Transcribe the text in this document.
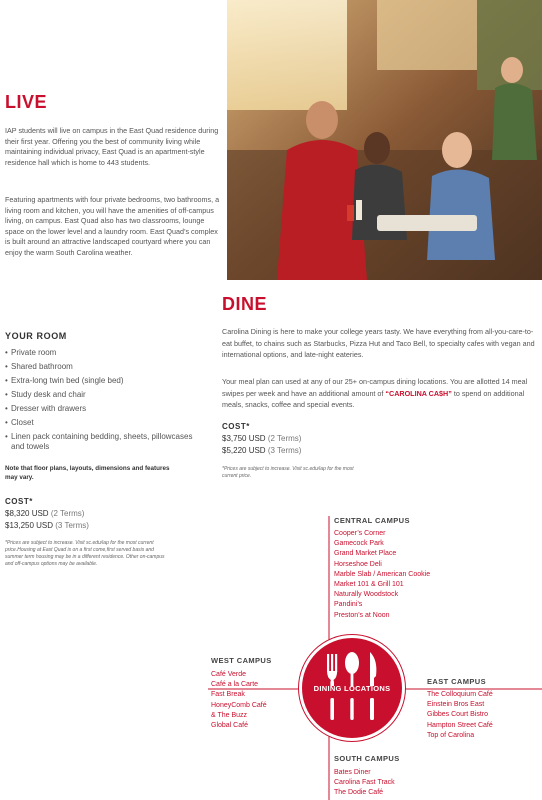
LIVE

IAP students will live on campus in the East Quad residence during their first year. Offering you the best of community living while maintaining individual privacy, East Quad is an apartment-style residence hall which is home to 443 students.

Featuring apartments with four private bedrooms, two bathrooms, a living room and kitchen, you will have the amenities of off-campus living, on campus. East Quad also has two classrooms, lounge space on the lower level and a laundry room. East Quad’s complex is built around an attractive landscaped courtyard where you can enjoy the warm South Carolina weather.

DINE

Carolina Dining is here to make your college years tasty. We have everything from all-you-care-to-eat buffet, to chains such as Starbucks, Pizza Hut and Taco Bell, to specialty cafes with vegan and international options, and late-night eateries.

Your meal plan can used at any of our 25+ on-campus dining locations. You are allotted 14 meal swipes per week and have an additional amount of “CAROLINA CA$H” to spend on additional meals, snacks, coffee and special events.

COST*
$3,750 USD (2 Terms)
$5,220 USD (3 Terms)

*Prices are subject to increase. Visit sc.edu/iap for the most current price.

YOUR ROOM
• Private room
• Shared bathroom
• Extra-long twin bed (single bed)
• Study desk and chair
• Dresser with drawers
• Closet
• Linen pack containing bedding, sheets, pillowcases and towels

Note that floor plans, layouts, dimensions and features may vary.

COST*
$8,320 USD (2 Terms)
$13,250 USD (3 Terms)

*Prices are subject to increase. Visit sc.edu/iap for the most current price.Housing at East Quad is on a first come,first served basis and summer term housing may be in a different residence. Other on-campus and off-campus options may be available.

CENTRAL CAMPUS
Cooper’s Corner
Gamecock Park
Grand Market Place
Horseshoe Deli
Marble Slab / American Cookie
Market 101 & Grill 101
Naturally Woodstock
Pandini’s
Preston’s at Noon
WEST CAMPUS
Café Verde
Café a la Carte
Fast Break
HoneyComb Café
& The Buzz
Global Café
EAST CAMPUS
The Colloquium Café
Einstein Bros East
Gibbes Court Bistro
Hampton Street Café
Top of Carolina
SOUTH CAMPUS
Bates Diner
Carolina Fast Track
The Dodie Café
DINING LOCATIONS
